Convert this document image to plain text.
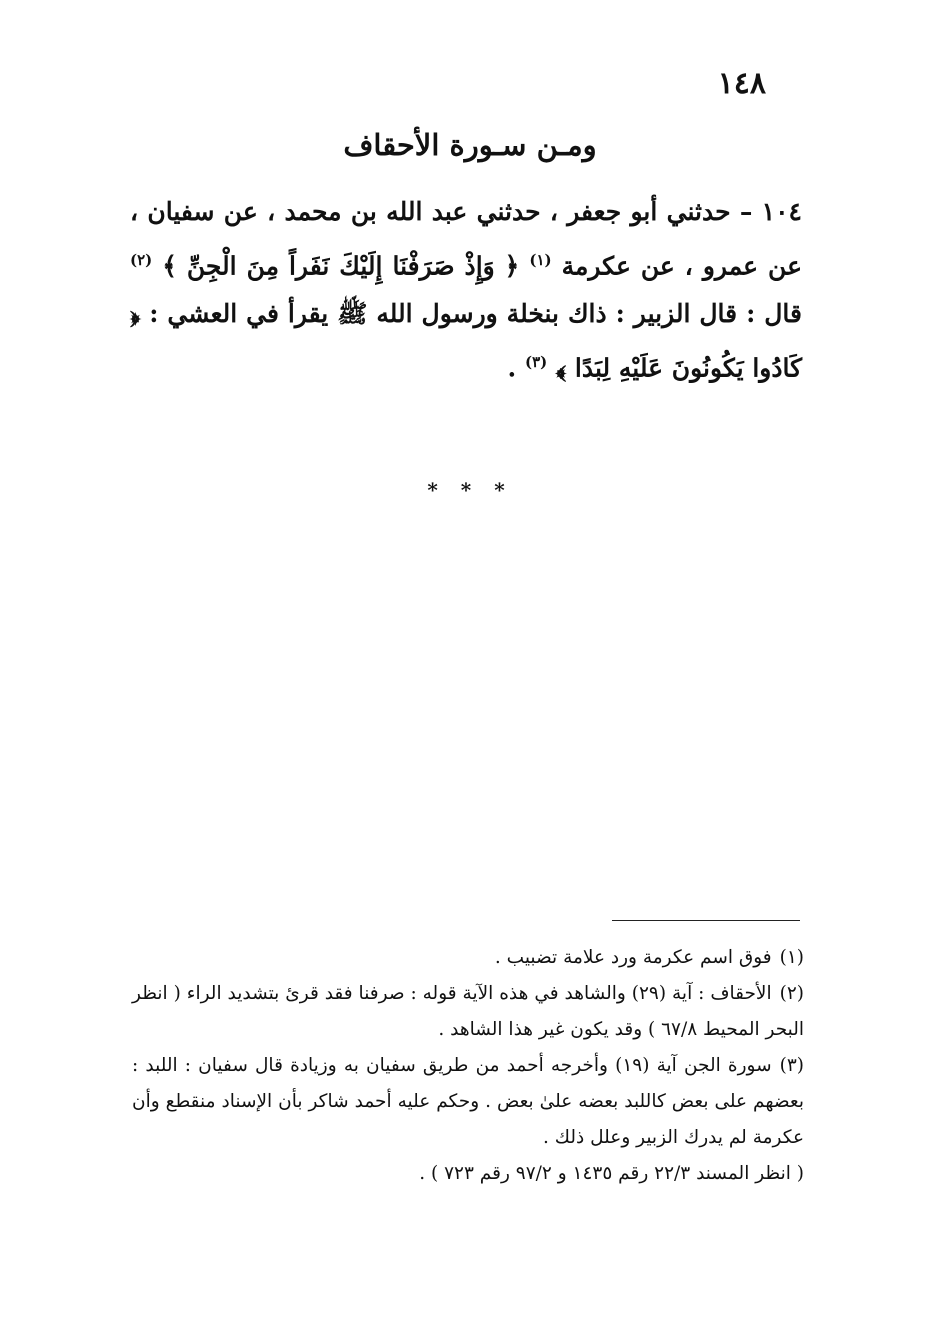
١٤٨
ومـن سـورة الأحقاف
١٠٤ – حدثني أبو جعفر ، حدثني عبد الله بن محمد ، عن سفيان ، عن عمرو ، عن عكرمة $^{(١)}$ ﴿ وَإِذْ صَرَفْنَا إِلَيْكَ نَفَراً مِنَ الْجِنِّ ﴾ $^{(٢)}$ قال : قال الزبير : ذاك بنخلة ورسول الله ﷺ يقرأ في العشي : ﴿ كَادُوا يَكُونُونَ عَلَيْهِ لِبَدًا ﴾ $^{(٣)}$ .
* * *

(١)فوق اسم عكرمة ورد علامة تضبيب .

(٢)الأحقاف : آية (٢٩) والشاهد في هذه الآية قوله : صرفنا فقد قرئ بتشديد الراء ( انظر البحر المحيط ٦٧/٨ ) وقد يكون غير هذا الشاهد .

(٣)سورة الجن آية (١٩) وأخرجه أحمد من طريق سفيان به وزيادة قال سفيان : اللبد : بعضهم على بعض كاللبد بعضه علىٰ بعض . وحكم عليه أحمد شاكر بأن الإسناد منقطع وأن عكرمة لم يدرك الزبير وعلل ذلك .

( انظر المسند ٢٢/٣ رقم ١٤٣٥ و ٩٧/٢ رقم ٧٢٣ ) .
